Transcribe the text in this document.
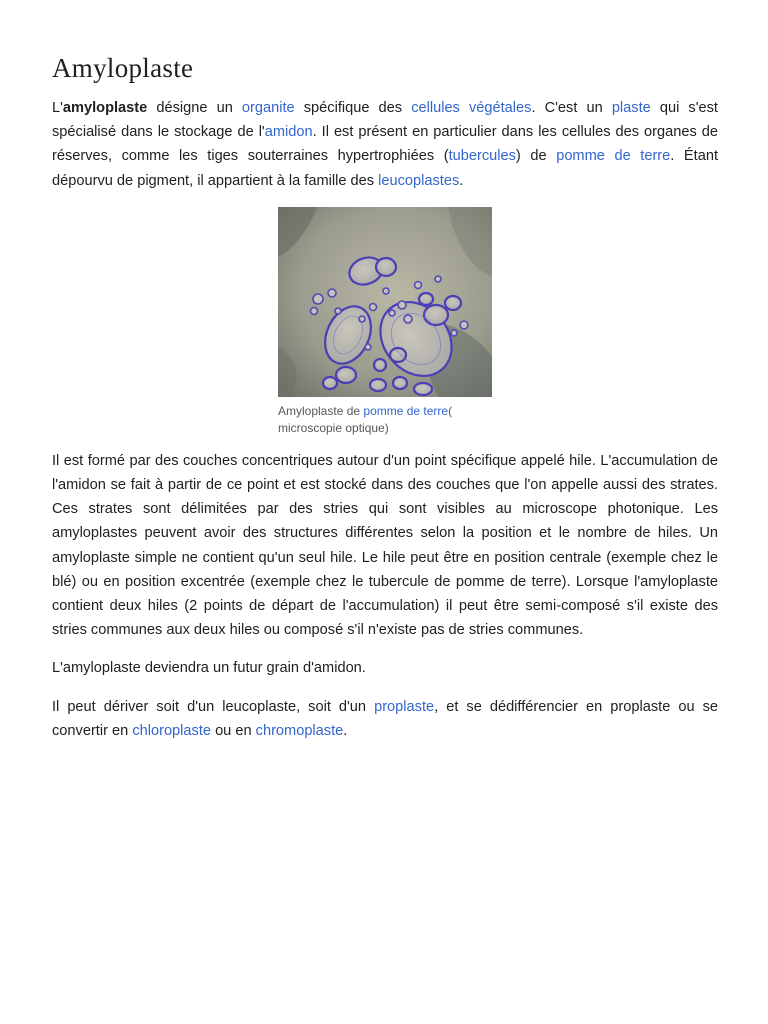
Amyloplaste

L'amyloplaste désigne un organite spécifique des cellules végétales. C'est un plaste qui s'est spécialisé dans le stockage de l'amidon. Il est présent en particulier dans les cellules des organes de réserves, comme les tiges souterraines hypertrophiées (tubercules) de pomme de terre. Étant dépourvu de pigment, il appartient à la famille des leucoplastes.

Amyloplaste de pomme de terre( microscopie optique)

Il est formé par des couches concentriques autour d'un point spécifique appelé hile. L'accumulation de l'amidon se fait à partir de ce point et est stocké dans des couches que l'on appelle aussi des strates. Ces strates sont délimitées par des stries qui sont visibles au microscope photonique. Les amyloplastes peuvent avoir des structures différentes selon la position et le nombre de hiles. Un amyloplaste simple ne contient qu'un seul hile. Le hile peut être en position centrale (exemple chez le blé) ou en position excentrée (exemple chez le tubercule de pomme de terre). Lorsque l'amyloplaste contient deux hiles (2 points de départ de l'accumulation) il peut être semi-composé s'il existe des stries communes aux deux hiles ou composé s'il n'existe pas de stries communes.

L'amyloplaste deviendra un futur grain d'amidon.

Il peut dériver soit d'un leucoplaste, soit d'un proplaste, et se dédifférencier en proplaste ou se convertir en chloroplaste ou en chromoplaste.
